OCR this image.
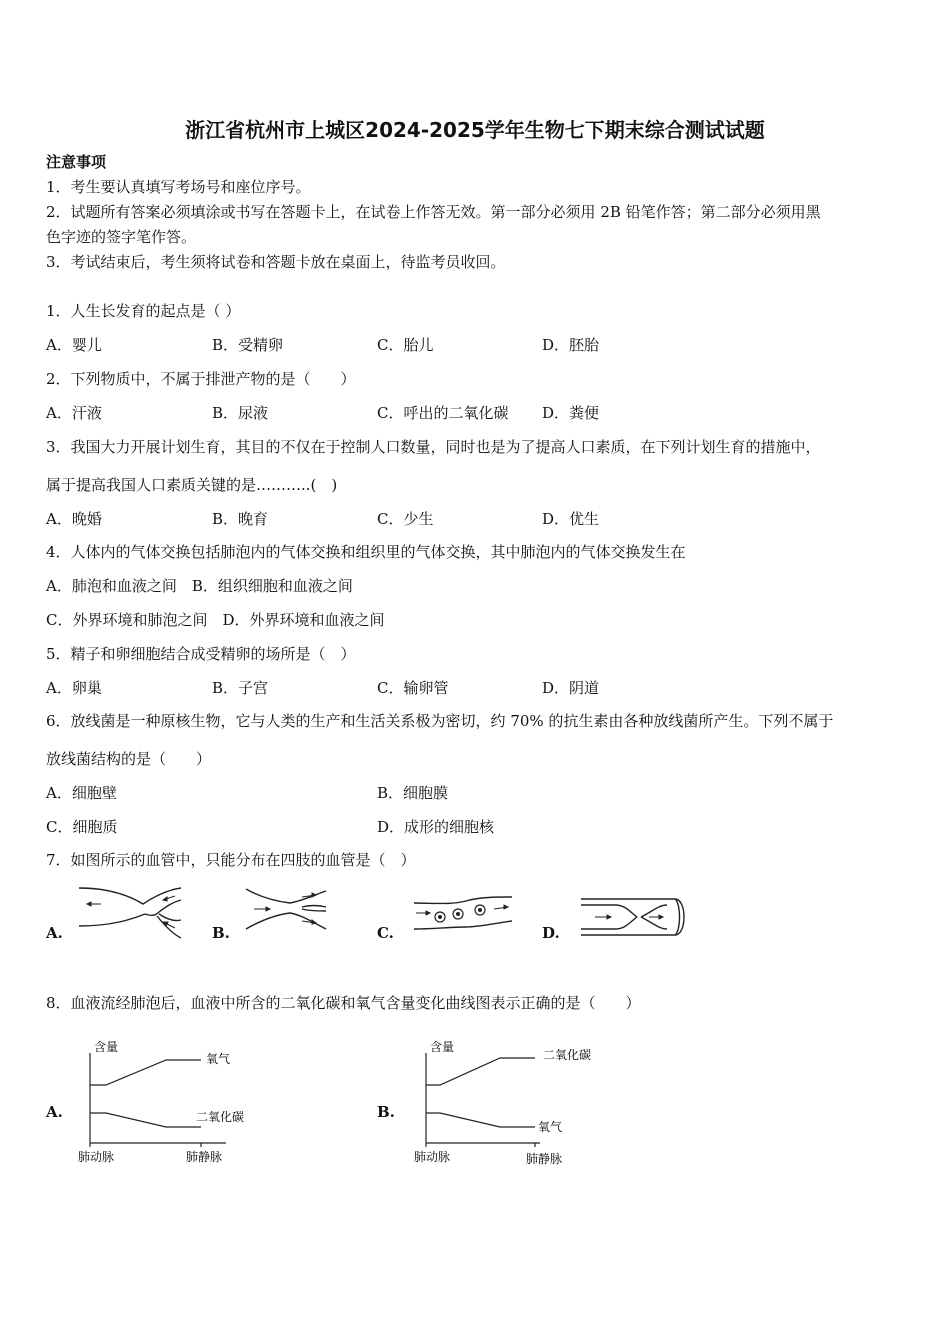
浙江省杭州市上城区2024-2025学年生物七下期末综合测试试题
注意事项
1．考生要认真填写考场号和座位序号。
2．试题所有答案必须填涂或书写在答题卡上，在试卷上作答无效。第一部分必须用 2B 铅笔作答；第二部分必须用黑
色字迹的签字笔作答。
3．考试结束后，考生须将试卷和答题卡放在桌面上，待监考员收回。
1．人生长发育的起点是（ ）
A．婴儿	B．受精卵	C．胎儿	D．胚胎
2．下列物质中，不属于排泄产物的是（　　）
A．汗液	B．尿液	C．呼出的二氧化碳 D．粪便
3．我国大力开展计划生育，其目的不仅在于控制人口数量，同时也是为了提高人口素质，在下列计划生育的措施中，
属于提高我国人口素质关键的是………..(　)
A．晚婚	B．晚育	C．少生	D．优生
4．人体内的气体交换包括肺泡内的气体交换和组织里的气体交换，其中肺泡内的气体交换发生在
A．肺泡和血液之间　B．组织细胞和血液之间
C．外界环境和肺泡之间　D．外界环境和血液之间
5．精子和卵细胞结合成受精卵的场所是（　）
A．卵巢	B．子宫	C．输卵管	D．阴道
6．放线菌是一种原核生物，它与人类的生产和生活关系极为密切，约 70% 的抗生素由各种放线菌所产生。下列不属于
放线菌结构的是（　　）
A．细胞壁	B．细胞膜
C．细胞质	D．成形的细胞核
7．如图所示的血管中，只能分布在四肢的血管是（　）
A.	B.	C.	D.
8．血液流经肺泡后，血液中所含的二氧化碳和氧气含量变化曲线图表示正确的是（　　）
A.	B.
含量
氧气
二氧化碳
肺动脉	肺静脉
含量
二氧化碳
氧气
肺动脉	肺静脉
